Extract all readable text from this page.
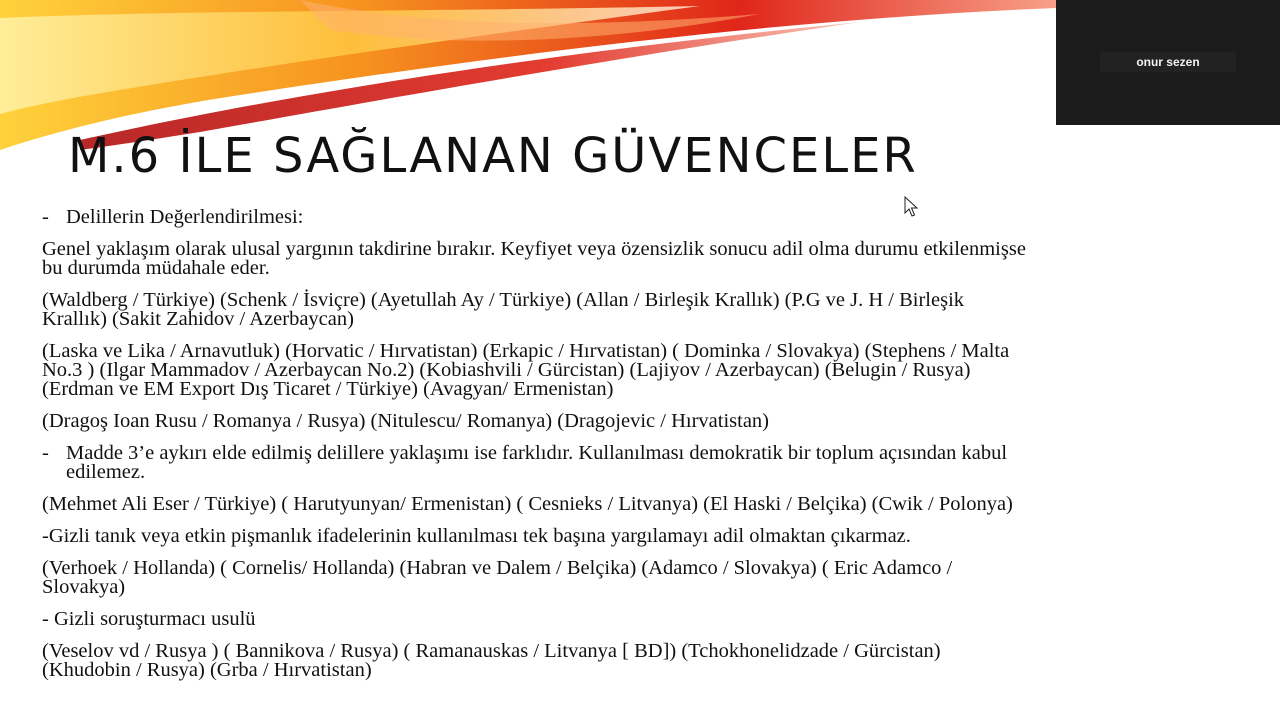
M.6 İLE SAĞLANAN GÜVENCELER

- Delillerin Değerlendirilmesi:

Genel yaklaşım olarak ulusal yargının takdirine bırakır. Keyfiyet veya özensizlik sonucu adil olma durumu etkilenmişse bu durumda müdahale eder.

(Waldberg / Türkiye) (Schenk / İsviçre) (Ayetullah Ay / Türkiye) (Allan / Birleşik Krallık) (P.G ve J. H / Birleşik Krallık) (Sakit Zahidov / Azerbaycan)

(Laska ve Lika / Arnavutluk) (Horvatic / Hırvatistan) (Erkapic / Hırvatistan) ( Dominka / Slovakya) (Stephens / Malta No.3 ) (Ilgar Mammadov / Azerbaycan No.2) (Kobiashvili / Gürcistan) (Lajiyov / Azerbaycan) (Belugin / Rusya) (Erdman ve EM Export Dış Ticaret / Türkiye) (Avagyan/ Ermenistan)

(Dragoş Ioan Rusu / Romanya / Rusya) (Nitulescu/ Romanya) (Dragojevic / Hırvatistan)

- Madde 3’e aykırı elde edilmiş delillere yaklaşımı ise farklıdır. Kullanılması demokratik bir toplum açısından kabul edilemez.

(Mehmet Ali Eser / Türkiye) ( Harutyunyan/ Ermenistan) ( Cesnieks / Litvanya) (El Haski / Belçika) (Cwik / Polonya)

-Gizli tanık veya etkin pişmanlık ifadelerinin kullanılması tek başına yargılamayı adil olmaktan çıkarmaz.

(Verhoek / Hollanda) ( Cornelis/ Hollanda) (Habran ve Dalem / Belçika) (Adamco / Slovakya) ( Eric Adamco / Slovakya)

- Gizli soruşturmacı usulü

(Veselov vd / Rusya ) ( Bannikova / Rusya) ( Ramanauskas / Litvanya [ BD]) (Tchokhonelidzade / Gürcistan) (Khudobin / Rusya) (Grba / Hırvatistan)

onur sezen
